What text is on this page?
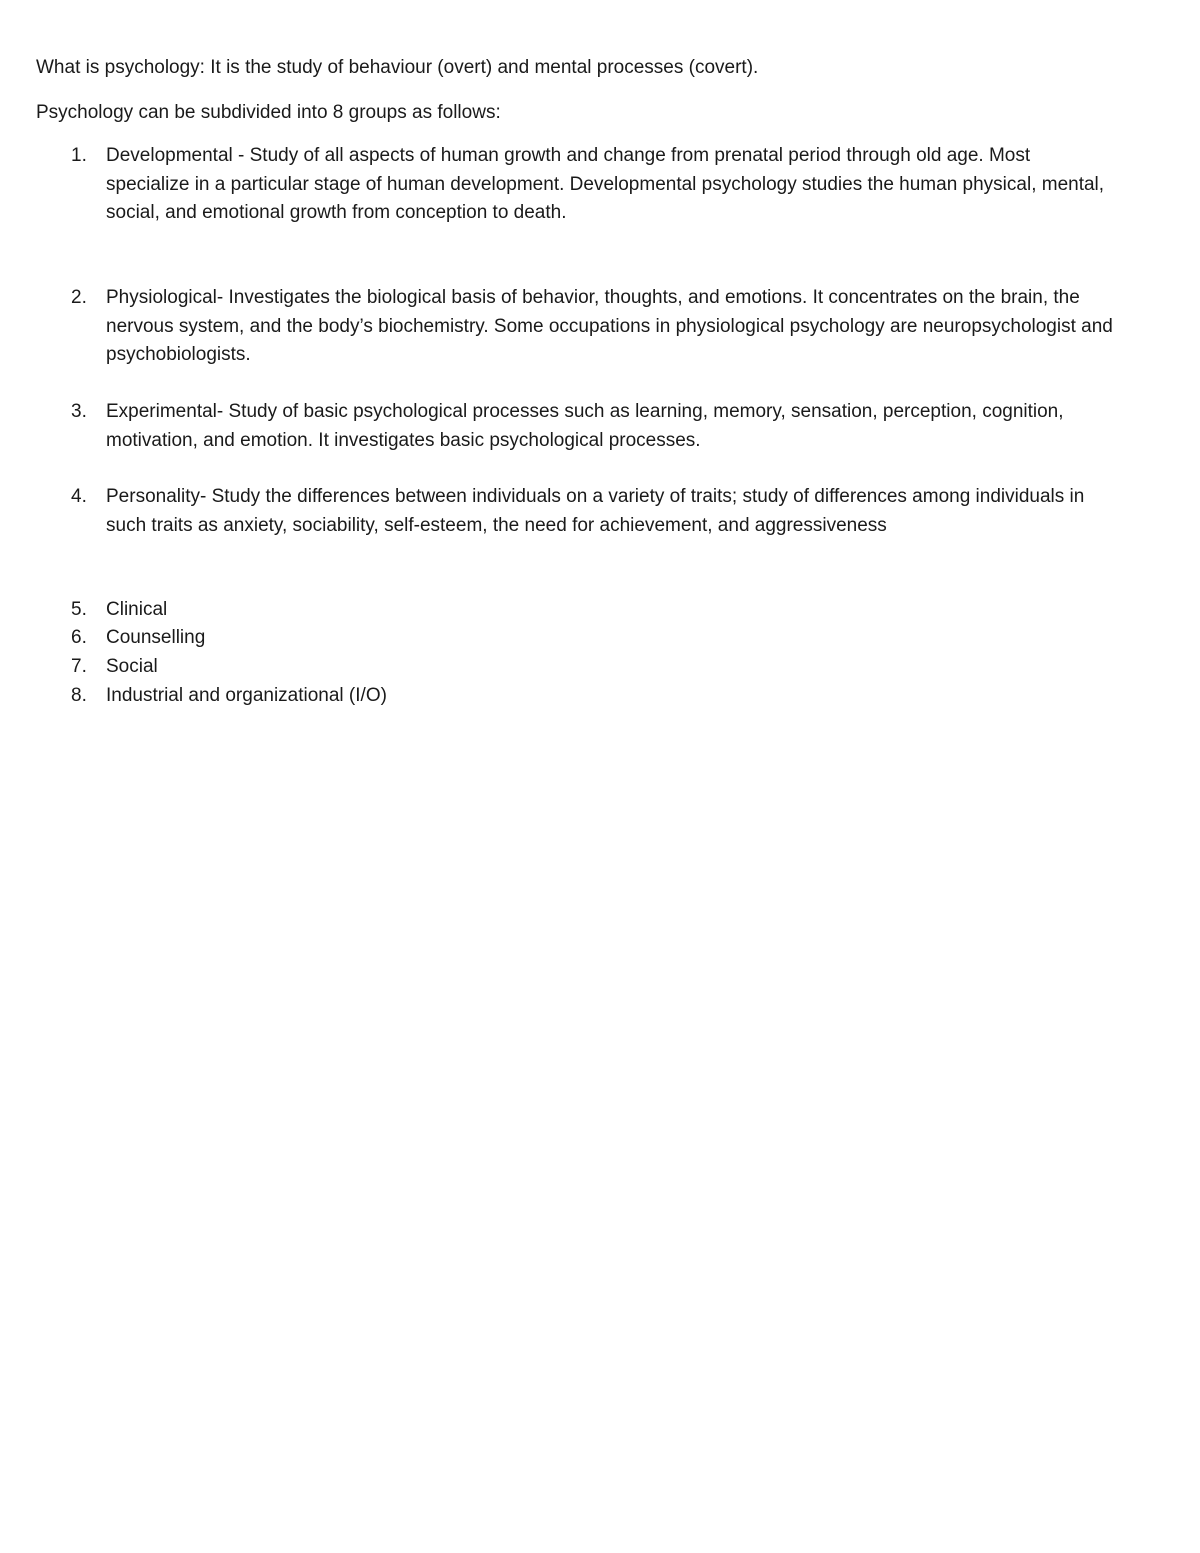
What is psychology: It is the study of behaviour (overt) and mental processes (covert).

Psychology can be subdivided into 8 groups as follows:

1. Developmental - Study of all aspects of human growth and change from prenatal period through old age. Most
specialize in a particular stage of human development. Developmental psychology studies the human physical, mental,
social, and emotional growth from conception to death.
2. Physiological- Investigates the biological basis of behavior, thoughts, and emotions. It concentrates on the brain, the
nervous system, and the body’s biochemistry. Some occupations in physiological psychology are neuropsychologist and
psychobiologists.
3. Experimental- Study of basic psychological processes such as learning, memory, sensation, perception, cognition,
motivation, and emotion. It investigates basic psychological processes.
4. Personality- Study the differences between individuals on a variety of traits; study of differences among individuals in
such traits as anxiety, sociability, self-esteem, the need for achievement, and aggressiveness
5. Clinical
6. Counselling
7. Social
8. Industrial and organizational (I/O)
